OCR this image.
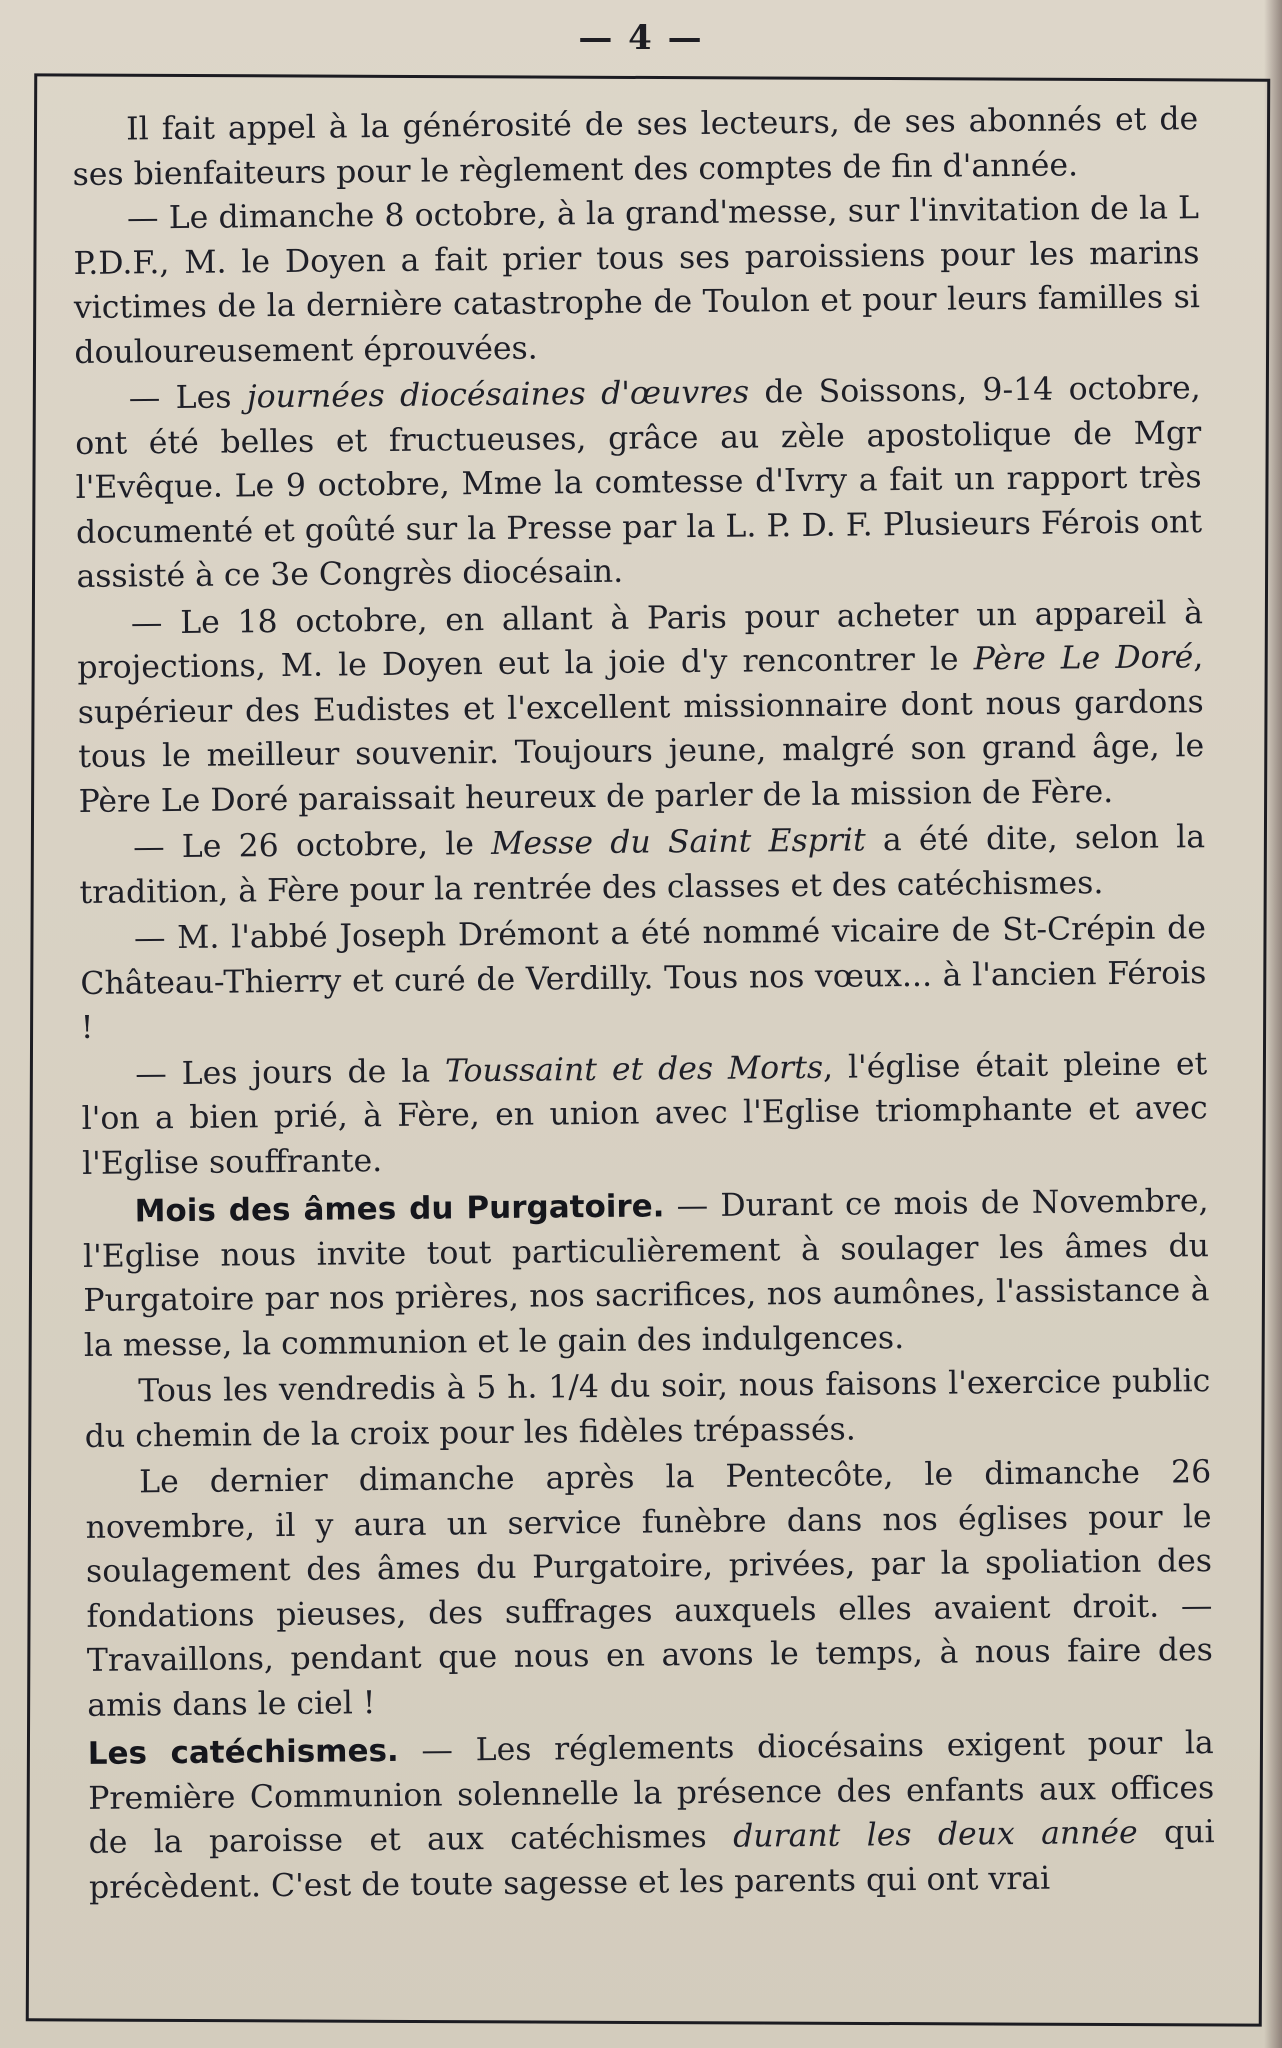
— 4 —

Il fait appel à la générosité de ses lecteurs, de ses abonnés et de ses bienfaiteurs pour le règlement des comptes de fin d'année.

— Le dimanche 8 octobre, à la grand'messe, sur l'invitation de la L P.D.F., M. le Doyen a fait prier tous ses paroissiens pour les marins victimes de la dernière catastrophe de Toulon et pour leurs familles si douloureusement éprouvées.

— Les journées diocésaines d'œuvres de Soissons, 9-14 octobre, ont été belles et fructueuses, grâce au zèle apostolique de Mgr l'Evêque. Le 9 octobre, Mme la comtesse d'Ivry a fait un rapport très documenté et goûté sur la Presse par la L. P. D. F. Plusieurs Férois ont assisté à ce 3e Congrès diocésain.

— Le 18 octobre, en allant à Paris pour acheter un appareil à projections, M. le Doyen eut la joie d'y rencontrer le Père Le Doré, supérieur des Eudistes et l'excellent missionnaire dont nous gardons tous le meilleur souvenir. Toujours jeune, malgré son grand âge, le Père Le Doré paraissait heureux de parler de la mission de Fère.

— Le 26 octobre, le Messe du Saint Esprit a été dite, selon la tradition, à Fère pour la rentrée des classes et des catéchismes.

— M. l'abbé Joseph Drémont a été nommé vicaire de St-Crépin de Château-Thierry et curé de Verdilly. Tous nos vœux... à l'ancien Férois !

— Les jours de la Toussaint et des Morts, l'église était pleine et l'on a bien prié, à Fère, en union avec l'Eglise triomphante et avec l'Eglise souffrante.

Mois des âmes du Purgatoire. — Durant ce mois de Novembre, l'Eglise nous invite tout particulièrement à soulager les âmes du Purgatoire par nos prières, nos sacrifices, nos aumônes, l'assistance à la messe, la communion et le gain des indulgences.

Tous les vendredis à 5 h. 1/4 du soir, nous faisons l'exercice public du chemin de la croix pour les fidèles trépassés.

Le dernier dimanche après la Pentecôte, le dimanche 26 novembre, il y aura un service funèbre dans nos églises pour le soulagement des âmes du Purgatoire, privées, par la spoliation des fondations pieuses, des suffrages auxquels elles avaient droit. — Travaillons, pendant que nous en avons le temps, à nous faire des amis dans le ciel !

Les catéchismes. — Les réglements diocésains exigent pour la Première Communion solennelle la présence des enfants aux offices de la paroisse et aux catéchismes durant les deux année qui précèdent. C'est de toute sagesse et les parents qui ont vrai
